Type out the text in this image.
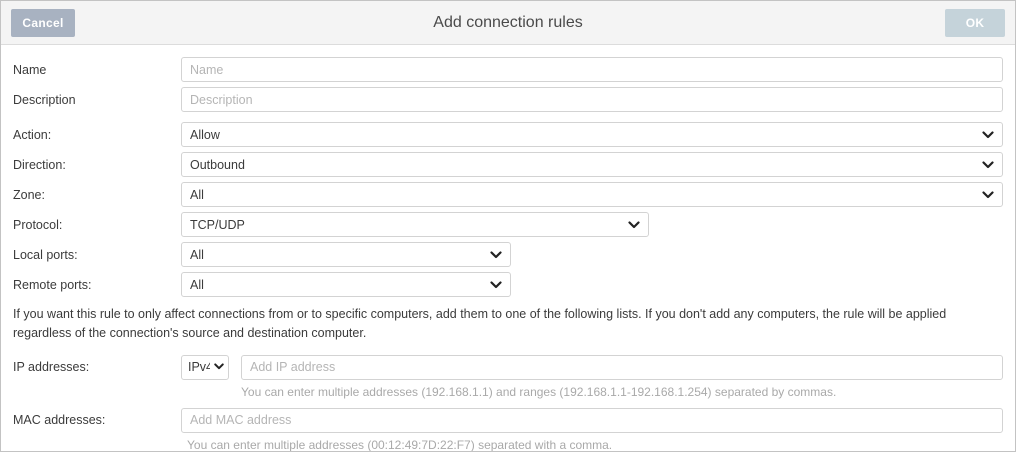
Cancel	Add connection rules	OK
Name
Name
Description
Description
Action:
Allow
Direction:
Outbound
Zone:
All
Protocol:
TCP/UDP
Local ports:
All
Remote ports:
All
If you want this rule to only affect connections from or to specific computers, add them to one of the following lists. If you don't add any computers, the rule will be applied regardless of the connection's source and destination computer.
IP addresses:
IPv4
Add IP address
You can enter multiple addresses (192.168.1.1) and ranges (192.168.1.1-192.168.1.254) separated by commas.
MAC addresses:
Add MAC address
You can enter multiple addresses (00:12:49:7D:22:F7) separated with a comma.
